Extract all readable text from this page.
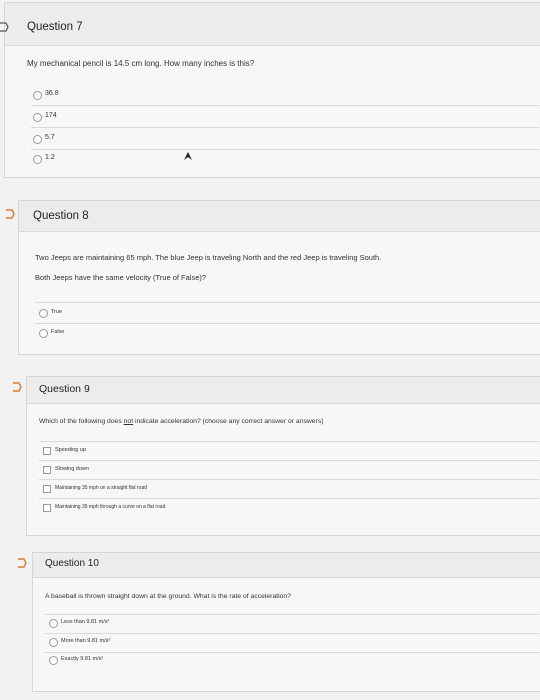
Question 7
My mechanical pencil is 14.5 cm long. How many inches is this?
36.8
174
5.7
1.2
Question 8
Two Jeeps are maintaining 65 mph. The blue Jeep is traveling North and the red Jeep is traveling South.
Both Jeeps have the same velocity (True of False)?
True
False
Question 9
Which of the following does not indicate acceleration? (choose any correct answer or answers)
Speeding up
Slowing down
Maintaining 35 mph on a straight flat road
Maintaining 35 mph through a curve on a flat road
Question 10
A baseball is thrown straight down at the ground. What is the rate of acceleration?
Less than 9.81 m/s²
More than 9.81 m/s²
Exactly 9.81 m/s²
